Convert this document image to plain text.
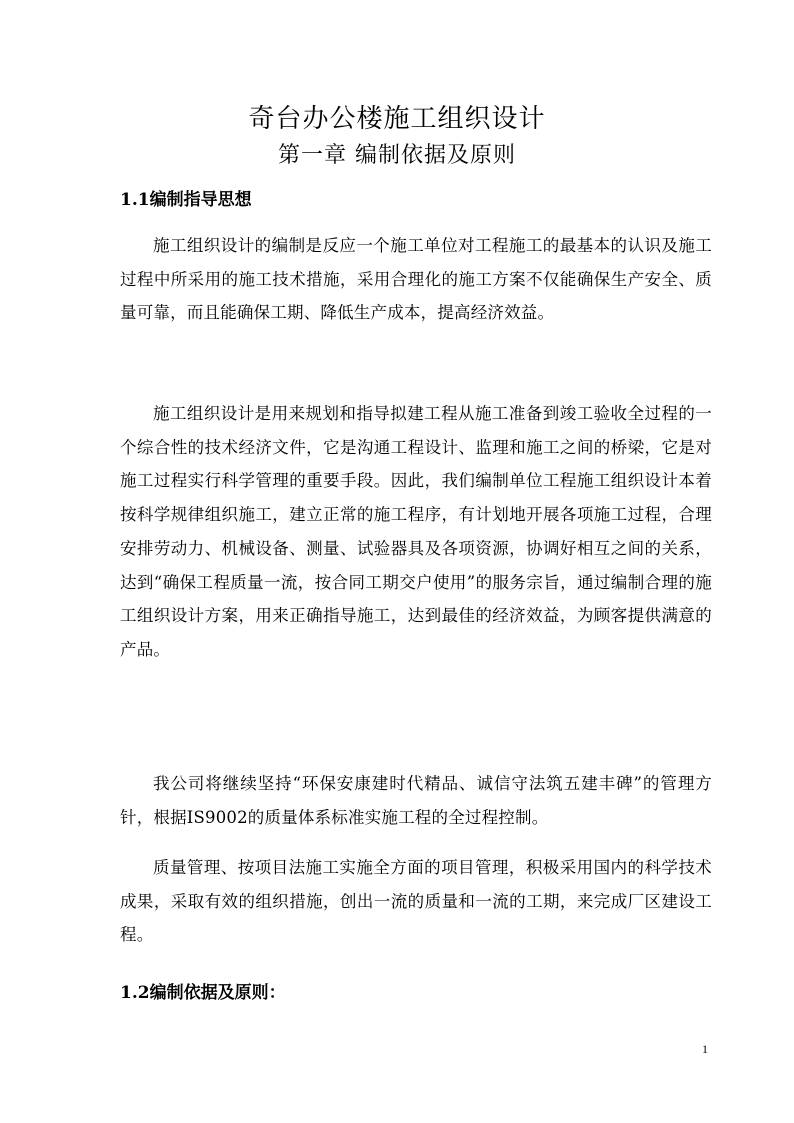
奇台办公楼施工组织设计
第一章 编制依据及原则
1.1编制指导思想

施工组织设计的编制是反应一个施工单位对工程施工的最基本的认识及施工过程中所采用的施工技术措施，采用合理化的施工方案不仅能确保生产安全、质量可靠，而且能确保工期、降低生产成本，提高经济效益。

施工组织设计是用来规划和指导拟建工程从施工准备到竣工验收全过程的一个综合性的技术经济文件，它是沟通工程设计、监理和施工之间的桥梁，它是对施工过程实行科学管理的重要手段。因此，我们编制单位工程施工组织设计本着按科学规律组织施工，建立正常的施工程序，有计划地开展各项施工过程，合理安排劳动力、机械设备、测量、试验器具及各项资源，协调好相互之间的关系，达到“确保工程质量一流，按合同工期交户使用”的服务宗旨，通过编制合理的施工组织设计方案，用来正确指导施工，达到最佳的经济效益，为顾客提供满意的产品。

我公司将继续坚持“环保安康建时代精品、诚信守法筑五建丰碑”的管理方针，根据IS9002的质量体系标准实施工程的全过程控制。

质量管理、按项目法施工实施全方面的项目管理，积极采用国内的科学技术成果，采取有效的组织措施，创出一流的质量和一流的工期，来完成厂区建设工程。

1.2编制依据及原则：
1
